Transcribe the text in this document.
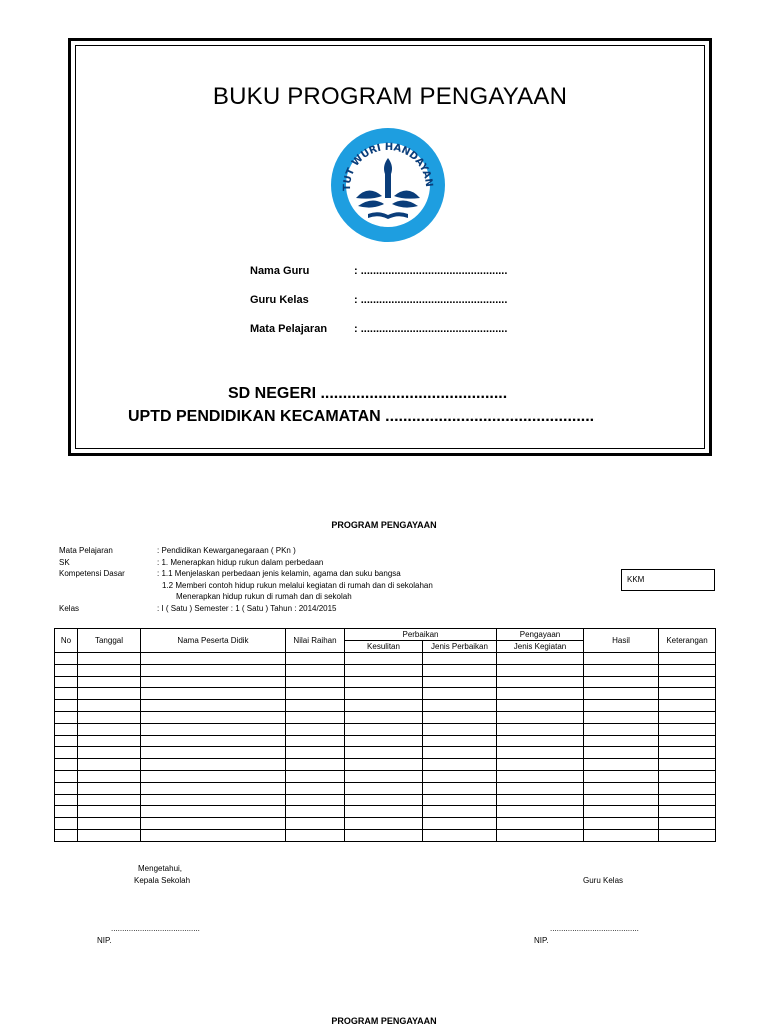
BUKU PROGRAM PENGAYAAN
TUT WURI HANDAYAN
Nama Guru	: ................................................
Guru Kelas	: ................................................
Mata Pelajaran	: ................................................
SD NEGERI ..........................................
UPTD PENDIDIKAN KECAMATAN ...............................................
PROGRAM PENGAYAAN
Mata Pelajaran	: Pendidikan Kewarganegaraan ( PKn )
SK	: 1. Menerapkan hidup rukun dalam perbedaan
Kompetensi Dasar	: 1.1 Menjelaskan perbedaan jenis kelamin, agama dan suku bangsa
1.2 Memberi contoh hidup rukun melalui kegiatan di rumah dan di sekolahan
Menerapkan hidup rukun di rumah dan di sekolah
Kelas	: I ( Satu ) Semester : 1 ( Satu ) Tahun : 2014/2015
KKM
No	Tanggal	Nama Peserta Didik	Nilai Raihan	Perbaikan		Pengayaan	Hasil	Keterangan
				Kesulitan	Jenis Perbaikan	Jenis Kegiatan		

Mengetahui,
Kepala Sekolah	Guru Kelas
........................................	........................................
NIP.	NIP.
PROGRAM PENGAYAAN
